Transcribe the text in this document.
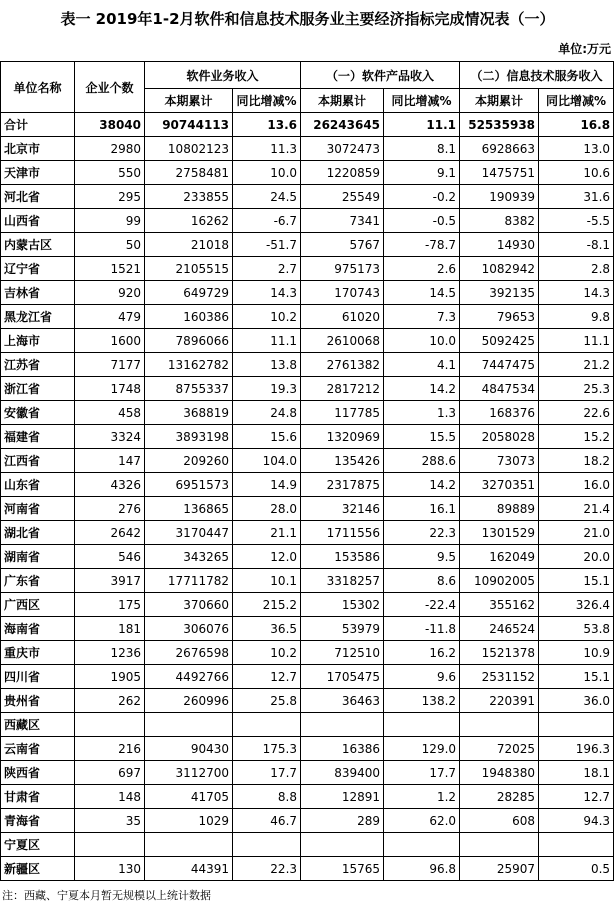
表一 2019年1-2月软件和信息技术服务业主要经济指标完成情况表（一）
单位:万元
单位名称	企业个数	软件业务收入		（一）软件产品收入		（二）信息技术服务收入	
		本期累计	同比增减%	本期累计	同比增减%	本期累计	同比增减%
合计	38040	90744113	13.6	26243645	11.1	52535938	16.8
北京市	2980	10802123	11.3	3072473	8.1	6928663	13.0
天津市	550	2758481	10.0	1220859	9.1	1475751	10.6
河北省	295	233855	24.5	25549	-0.2	190939	31.6
山西省	99	16262	-6.7	7341	-0.5	8382	-5.5
内蒙古区	50	21018	-51.7	5767	-78.7	14930	-8.1
辽宁省	1521	2105515	2.7	975173	2.6	1082942	2.8
吉林省	920	649729	14.3	170743	14.5	392135	14.3
黑龙江省	479	160386	10.2	61020	7.3	79653	9.8
上海市	1600	7896066	11.1	2610068	10.0	5092425	11.1
江苏省	7177	13162782	13.8	2761382	4.1	7447475	21.2
浙江省	1748	8755337	19.3	2817212	14.2	4847534	25.3
安徽省	458	368819	24.8	117785	1.3	168376	22.6
福建省	3324	3893198	15.6	1320969	15.5	2058028	15.2
江西省	147	209260	104.0	135426	288.6	73073	18.2
山东省	4326	6951573	14.9	2317875	14.2	3270351	16.0
河南省	276	136865	28.0	32146	16.1	89889	21.4
湖北省	2642	3170447	21.1	1711556	22.3	1301529	21.0
湖南省	546	343265	12.0	153586	9.5	162049	20.0
广东省	3917	17711782	10.1	3318257	8.6	10902005	15.1
广西区	175	370660	215.2	15302	-22.4	355162	326.4
海南省	181	306076	36.5	53979	-11.8	246524	53.8
重庆市	1236	2676598	10.2	712510	16.2	1521378	10.9
四川省	1905	4492766	12.7	1705475	9.6	2531152	15.1
贵州省	262	260996	25.8	36463	138.2	220391	36.0
西藏区							
云南省	216	90430	175.3	16386	129.0	72025	196.3
陕西省	697	3112700	17.7	839400	17.7	1948380	18.1
甘肃省	148	41705	8.8	12891	1.2	28285	12.7
青海省	35	1029	46.7	289	62.0	608	94.3
宁夏区							
新疆区	130	44391	22.3	15765	96.8	25907	0.5
注：西藏、宁夏本月暂无规模以上统计数据
